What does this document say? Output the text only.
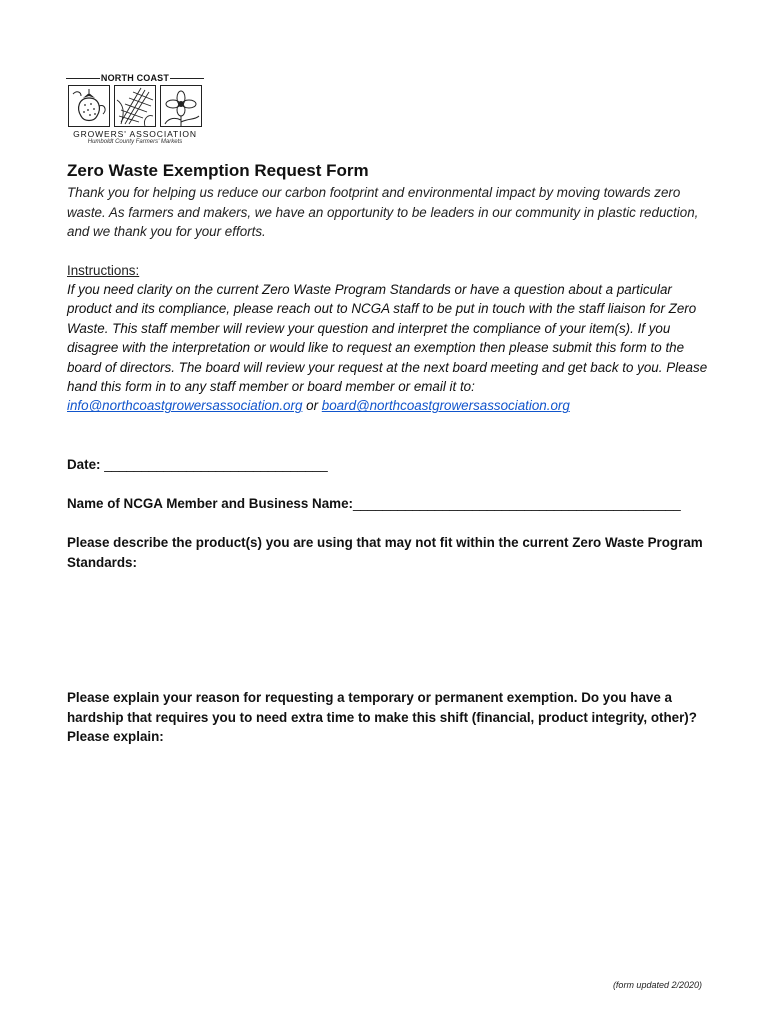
NORTH COAST
GROWERS' ASSOCIATION
Humboldt County Farmers' Markets
Zero Waste Exemption Request Form

Thank you for helping us reduce our carbon footprint and environmental impact by moving towards zero waste. As farmers and makers, we have an opportunity to be leaders in our community in plastic reduction, and we thank you for your efforts.

Instructions:

If you need clarity on the current Zero Waste Program Standards or have a question about a particular product and its compliance, please reach out to NCGA staff to be put in touch with the staff liaison for Zero Waste. This staff member will review your question and interpret the compliance of your item(s). If you disagree with the interpretation or would like to request an exemption then please submit this form to the board of directors. The board will review your request at the next board meeting and get back to you. Please hand this form in to any staff member or board member or email it to:
info@northcoastgrowersassociation.org or board@northcoastgrowersassociation.org

Date: ______________________________
Name of NCGA Member and Business Name:____________________________________________
Please describe the product(s) you are using that may not fit within the current Zero Waste Program Standards:
Please explain your reason for requesting a temporary or permanent exemption. Do you have a hardship that requires you to need extra time to make this shift (financial, product integrity, other)? Please explain:
(form updated 2/2020)
